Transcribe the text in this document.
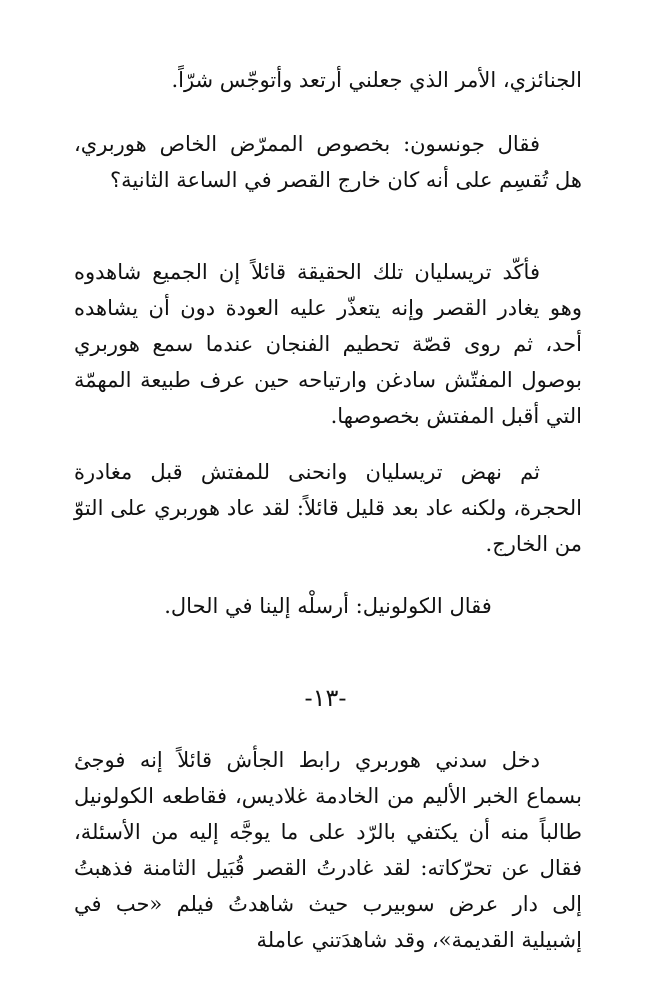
الجنائزي، الأمر الذي جعلني أرتعد وأتوجّس شرّاً.

فقال جونسون: بخصوص الممرّض الخاص هوربري، هل تُقسِم على أنه كان خارج القصر في الساعة الثانية؟

فأكّد تريسليان تلك الحقيقة قائلاً إن الجميع شاهدوه وهو يغادر القصر وإنه يتعذّر عليه العودة دون أن يشاهده أحد، ثم روى قصّة تحطيم الفنجان عندما سمع هوربري بوصول المفتّش سادغن وارتياحه حين عرف طبيعة المهمّة التي أقبل المفتش بخصوصها.

ثم نهض تريسليان وانحنى للمفتش قبل مغادرة الحجرة، ولكنه عاد بعد قليل قائلاً: لقد عاد هوربري على التوّ من الخارج.

فقال الكولونيل: أرسلْه إلينا في الحال.

-١٣-

دخل سدني هوربري رابط الجأش قائلاً إنه فوجئ بسماع الخبر الأليم من الخادمة غلاديس، فقاطعه الكولونيل طالباً منه أن يكتفي بالرّد على ما يوجَّه إليه من الأسئلة، فقال عن تحرّكاته: لقد غادرتُ القصر قُبَيل الثامنة فذهبتُ إلى دار عرض سوبيرب حيث شاهدتُ فيلم «حب في إشبيلية القديمة»، وقد شاهدَتني عاملة
